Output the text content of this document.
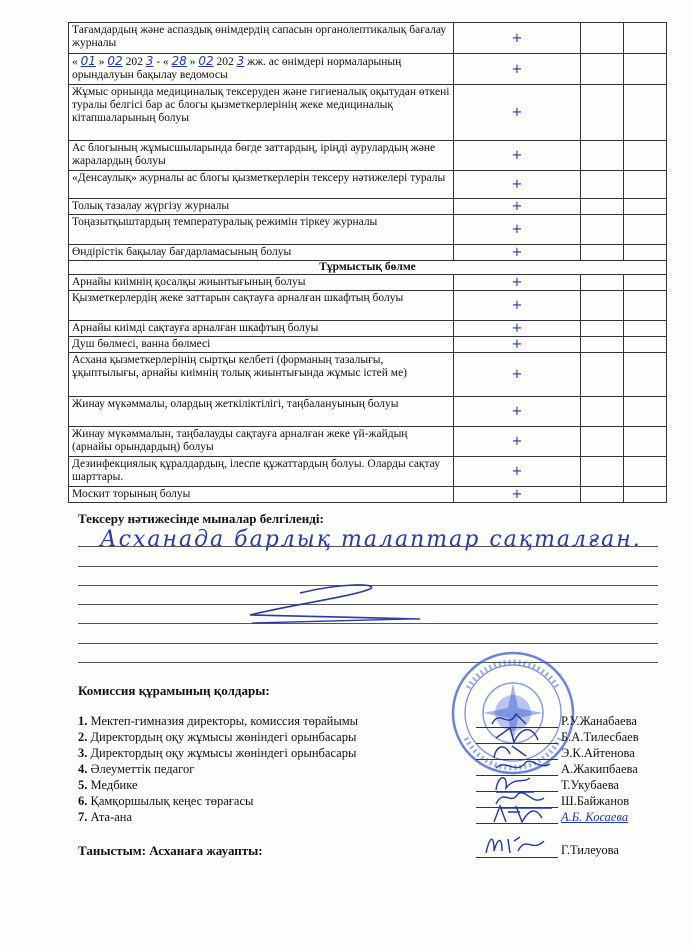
Тағамдардың және аспаздық өнімдердің сапасын органолептикалық бағалау журналы	+		
« 01 » 02 202 3 - « 28 » 02 202 3 жж. ас өнімдері нормаларының орындалуын бақылау ведомосы	+		
Жұмыс орнында медициналық тексеруден және гигиеналық оқытудан өткені туралы белгісі бар ас блогы қызметкерлерінің жеке медициналық кітапшаларының болуы	+		
Ас блогының жұмысшыларында бөгде заттардың, іріңді аурулардың және жаралардың болуы	+		
«Денсаулық» журналы ас блогы қызметкерлерін тексеру нәтижелері туралы	+		
Толық тазалау жүргізу журналы	+		
Тоңазытқыштардың температуралық режимін тіркеу журналы	+		
Өндірістік бақылау бағдарламасының болуы	+		
Тұрмыстық бөлме			
Арнайы киімнің қосалқы жиынтығының болуы	+		
Қызметкерлердің жеке заттарын сақтауға арналған шкафтың болуы	+		
Арнайы киімді сақтауға арналған шкафтың болуы	+		
Душ бөлмесі, ванна бөлмесі	+		
Асхана қызметкерлерінің сыртқы келбеті (форманың тазалығы, ұқыптылығы, арнайы киімнің толық жиынтығында жұмыс істей ме)	+		
Жинау мүкәммалы, олардың жеткіліктілігі, таңбалануының болуы	+		
Жинау мүкәммалын, таңбалауды сақтауға арналған жеке үй-жайдың (арнайы орындардың) болуы	+		
Дезинфекциялық құралдардың, ілеспе құжаттардың болуы. Оларды сақтау шарттары.	+		
Москит торының болуы	+		
Тексеру нәтижесінде мыналар белгіленді:
Асханада барлық талаптар сақталған.
Комиссия құрамының қолдары:
1. Мектеп-гимназия директоры, комиссия төрайымы	Р.У.Жанабаева
2. Директордың оқу жұмысы жөніндегі орынбасары	Б.А.Тилесбаев
3. Директордың оқу жұмысы жөніндегі орынбасары	Э.К.Айтенова
4. Әлеуметтік педагог	А.Жакипбаева
5. Медбике	Т.Укубаева
6. Қамқоршылық кеңес төрағасы	Ш.Байжанов
7. Ата-ана	А.Б. Косаева
Таныстым: Асханаға жауапты:	Г.Тилеуова
